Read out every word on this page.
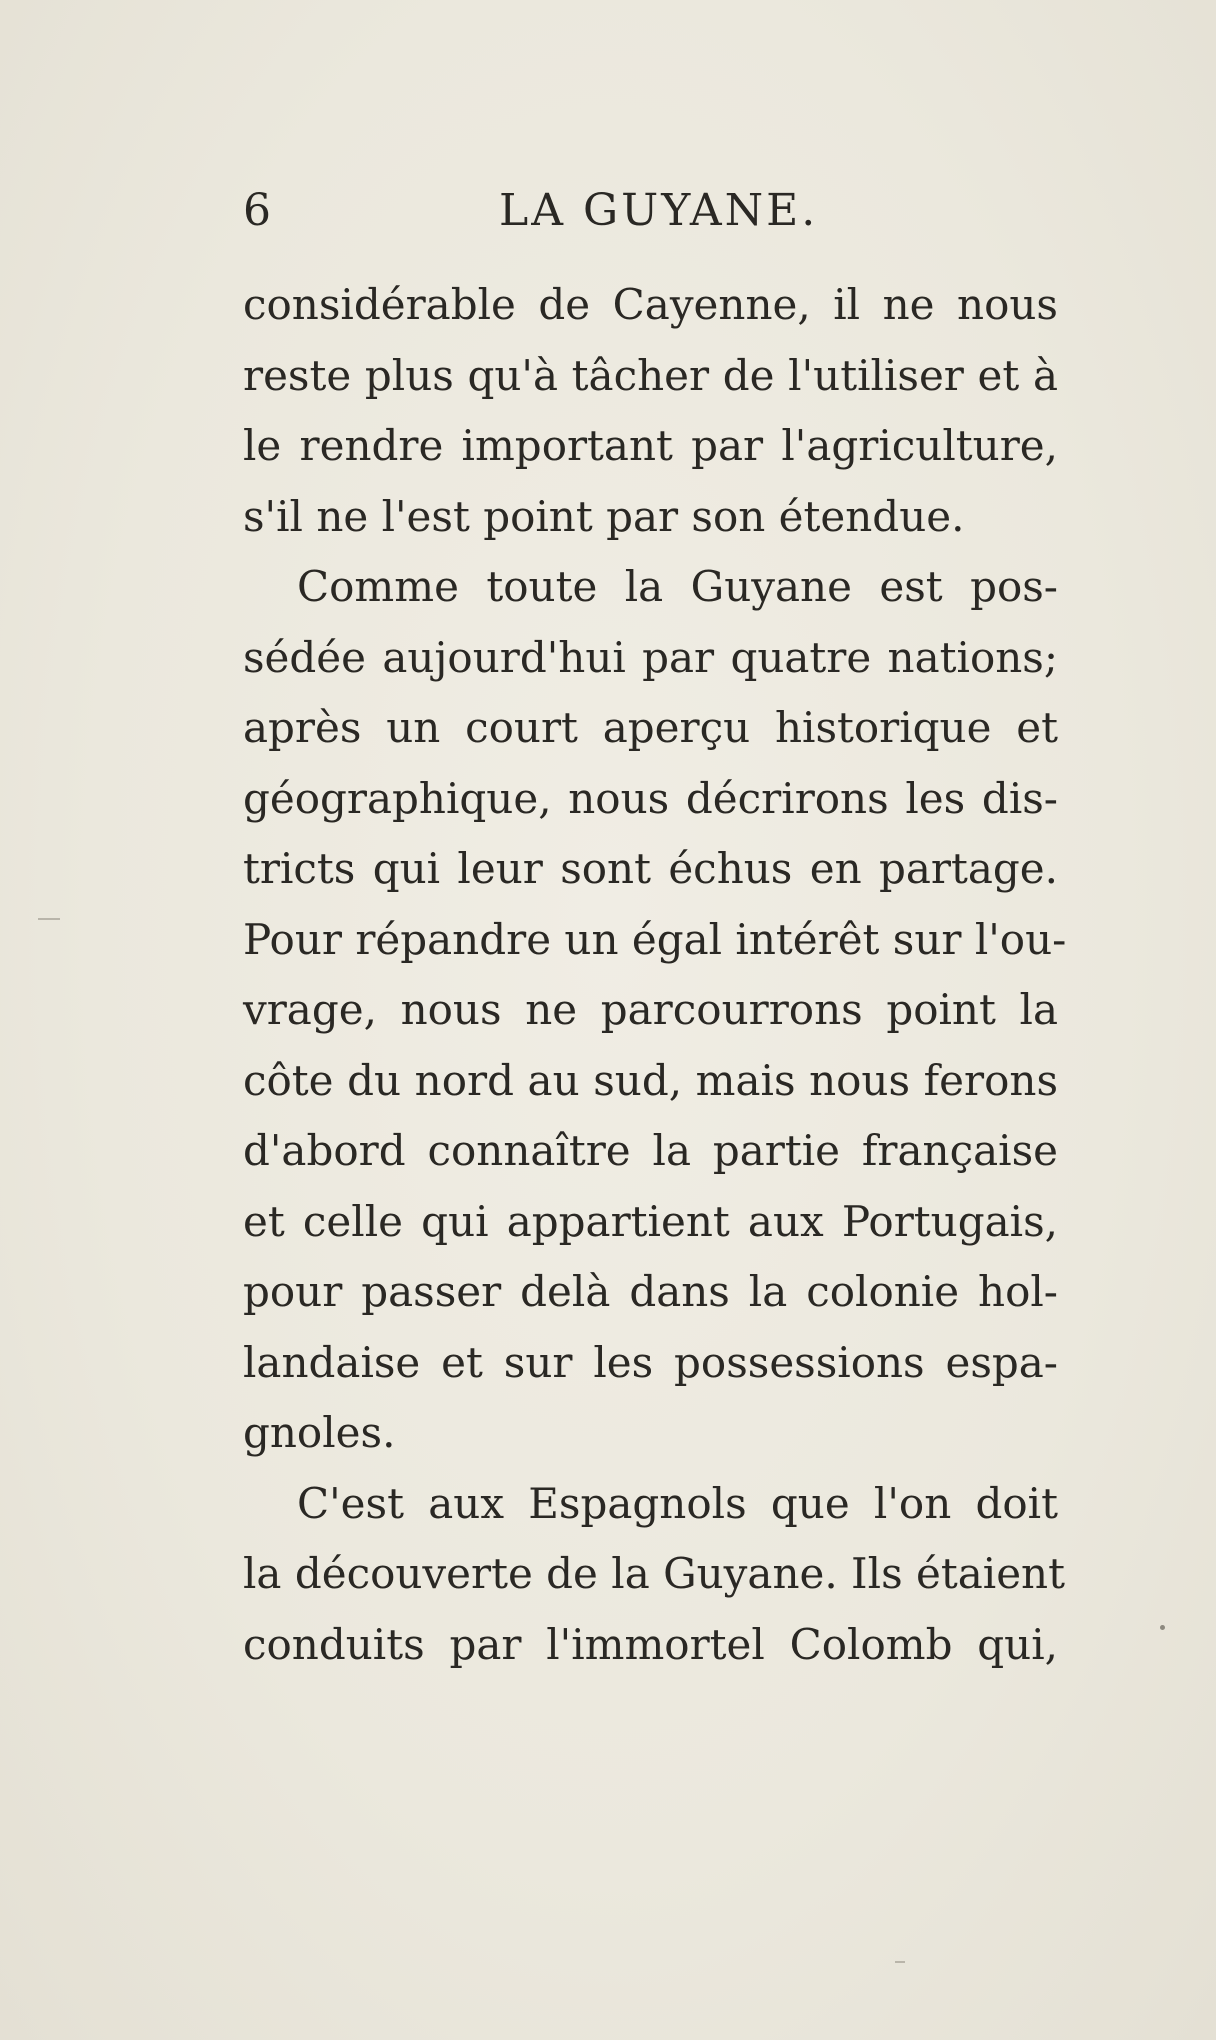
6	LA GUYANE.
considérable de Cayenne, il ne nous
reste plus qu'à tâcher de l'utiliser et à
le rendre important par l'agriculture,
s'il ne l'est point par son étendue.
Comme toute la Guyane est pos-
sédée aujourd'hui par quatre nations;
après un court aperçu historique et
géographique, nous décrirons les dis-
tricts qui leur sont échus en partage.
Pour répandre un égal intérêt sur l'ou-
vrage, nous ne parcourrons point la
côte du nord au sud, mais nous ferons
d'abord connaître la partie française
et celle qui appartient aux Portugais,
pour passer delà dans la colonie hol-
landaise et sur les possessions espa-
gnoles.
C'est aux Espagnols que l'on doit
la découverte de la Guyane. Ils étaient
conduits par l'immortel Colomb qui,
